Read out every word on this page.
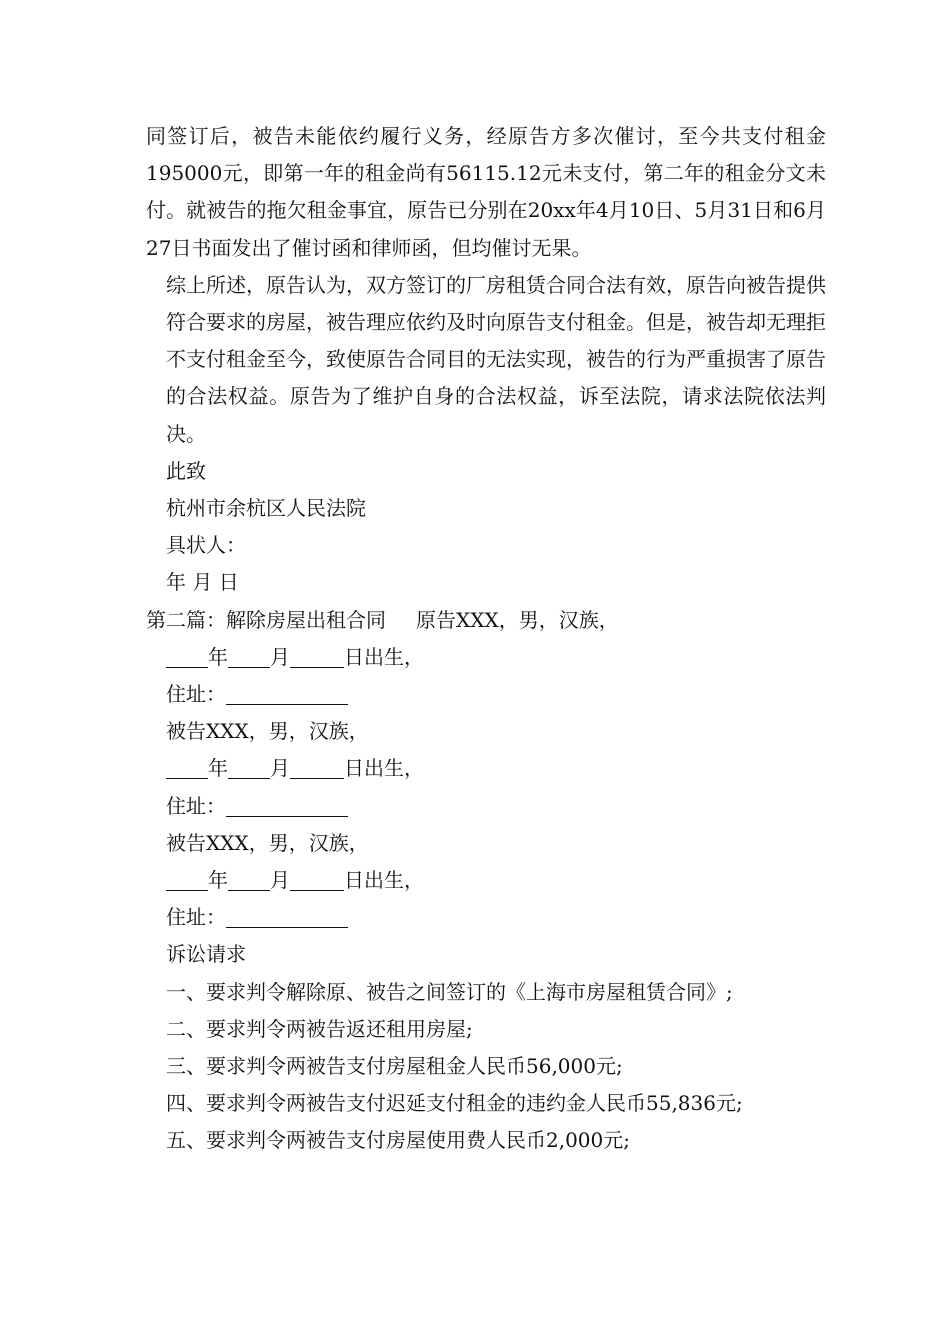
同签订后，被告未能依约履行义务，经原告方多次催讨，至今共支付租金195000元，即第一年的租金尚有56115.12元未支付，第二年的租金分文未付。就被告的拖欠租金事宜，原告已分别在20xx年4月10日、5月31日和6月27日书面发出了催讨函和律师函，但均催讨无果。

综上所述，原告认为，双方签订的厂房租赁合同合法有效，原告向被告提供符合要求的房屋，被告理应依约及时向原告支付租金。但是，被告却无理拒不支付租金至今，致使原告合同目的无法实现，被告的行为严重损害了原告的合法权益。原告为了维护自身的合法权益，诉至法院，请求法院依法判决。

此致
杭州市余杭区人民法院
具状人：
年 月 日
第二篇：解除房屋出租合同 原告XXX，男，汉族，
年 月	日出生，
住址：
被告XXX，男，汉族，
年 月	日出生，
住址：
被告XXX，男，汉族，
年 月	日出生，
住址：
诉讼请求
一、要求判令解除原、被告之间签订的《上海市房屋租赁合同》;
二、要求判令两被告返还租用房屋;
三、要求判令两被告支付房屋租金人民币56,000元;
四、要求判令两被告支付迟延支付租金的违约金人民币55,836元;
五、要求判令两被告支付房屋使用费人民币2,000元;
